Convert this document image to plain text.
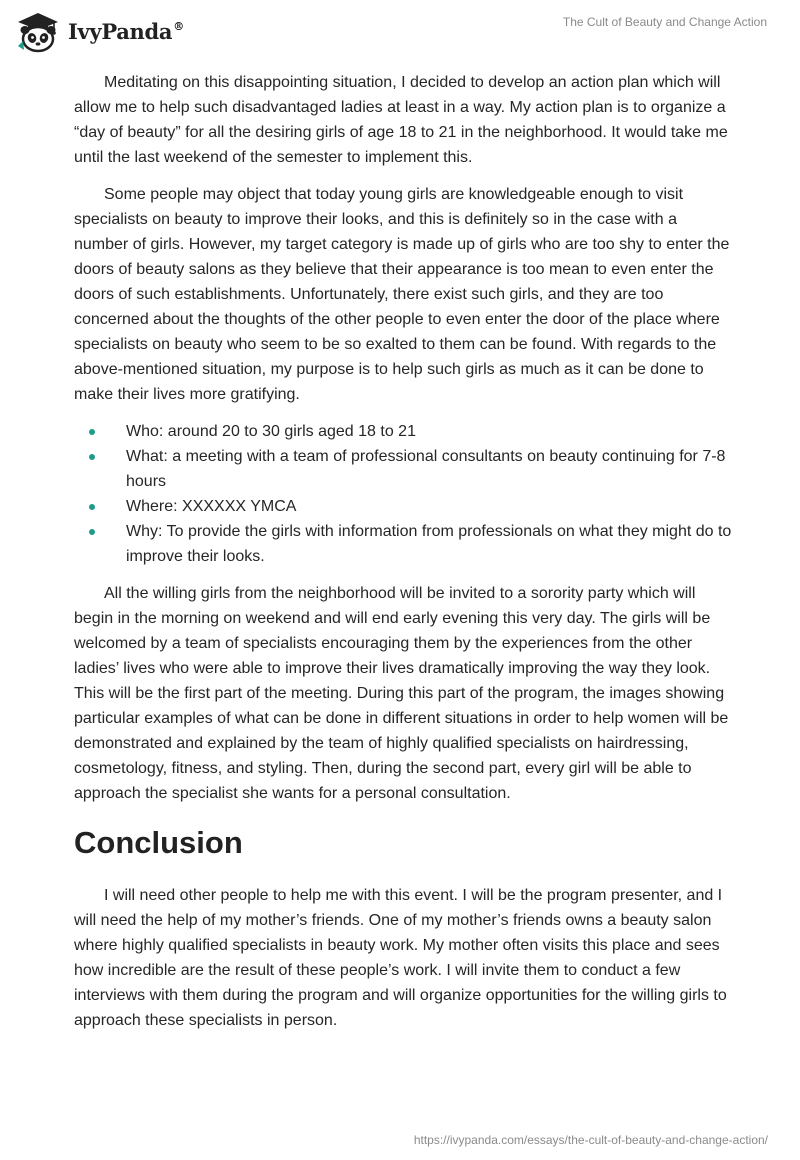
IvyPanda®	The Cult of Beauty and Change Action

Meditating on this disappointing situation, I decided to develop an action plan which will allow me to help such disadvantaged ladies at least in a way. My action plan is to organize a “day of beauty” for all the desiring girls of age 18 to 21 in the neighborhood. It would take me until the last weekend of the semester to implement this.

Some people may object that today young girls are knowledgeable enough to visit specialists on beauty to improve their looks, and this is definitely so in the case with a number of girls. However, my target category is made up of girls who are too shy to enter the doors of beauty salons as they believe that their appearance is too mean to even enter the doors of such establishments. Unfortunately, there exist such girls, and they are too concerned about the thoughts of the other people to even enter the door of the place where specialists on beauty who seem to be so exalted to them can be found. With regards to the above-mentioned situation, my purpose is to help such girls as much as it can be done to make their lives more gratifying.

Who: around 20 to 30 girls aged 18 to 21
What: a meeting with a team of professional consultants on beauty continuing for 7-8 hours
Where: XXXXXX YMCA
Why: To provide the girls with information from professionals on what they might do to improve their looks.

All the willing girls from the neighborhood will be invited to a sorority party which will begin in the morning on weekend and will end early evening this very day. The girls will be welcomed by a team of specialists encouraging them by the experiences from the other ladies’ lives who were able to improve their lives dramatically improving the way they look. This will be the first part of the meeting. During this part of the program, the images showing particular examples of what can be done in different situations in order to help women will be demonstrated and explained by the team of highly qualified specialists on hairdressing, cosmetology, fitness, and styling. Then, during the second part, every girl will be able to approach the specialist she wants for a personal consultation.

Conclusion

I will need other people to help me with this event. I will be the program presenter, and I will need the help of my mother’s friends. One of my mother’s friends owns a beauty salon where highly qualified specialists in beauty work. My mother often visits this place and sees how incredible are the result of these people’s work. I will invite them to conduct a few interviews with them during the program and will organize opportunities for the willing girls to approach these specialists in person.

https://ivypanda.com/essays/the-cult-of-beauty-and-change-action/
